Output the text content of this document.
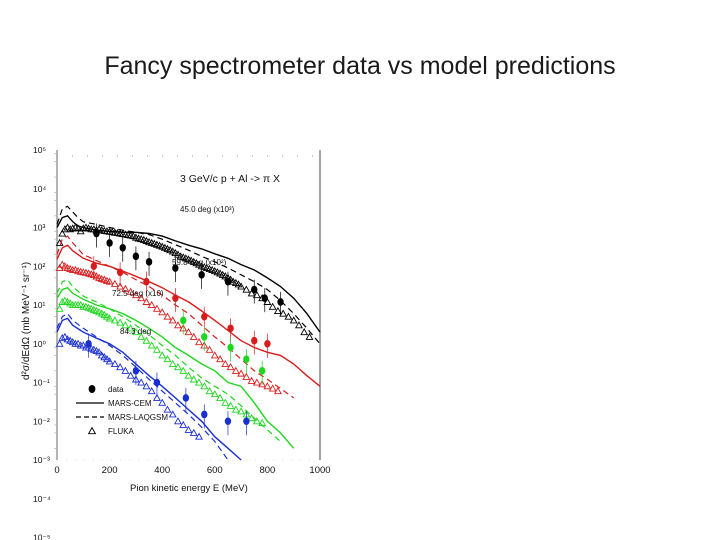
Fancy spectrometer data vs model predictions
0	200	400	600	800	1000
10⁵
10⁴
10³
10²
10¹
10⁰
10⁻¹
10⁻²
10⁻³
10⁻⁴
10⁻⁵
45.0 deg (x10³)
59.8 deg (x10²)
72.5 deg (x10)
84.3 deg
3 GeV/c p + Al -> π X
Pion kinetic energy E (MeV)
d²σ/dEdΩ (mb MeV⁻¹ sr⁻¹)
data
MARS-CEM
MARS-LAQGSM
FLUKA
